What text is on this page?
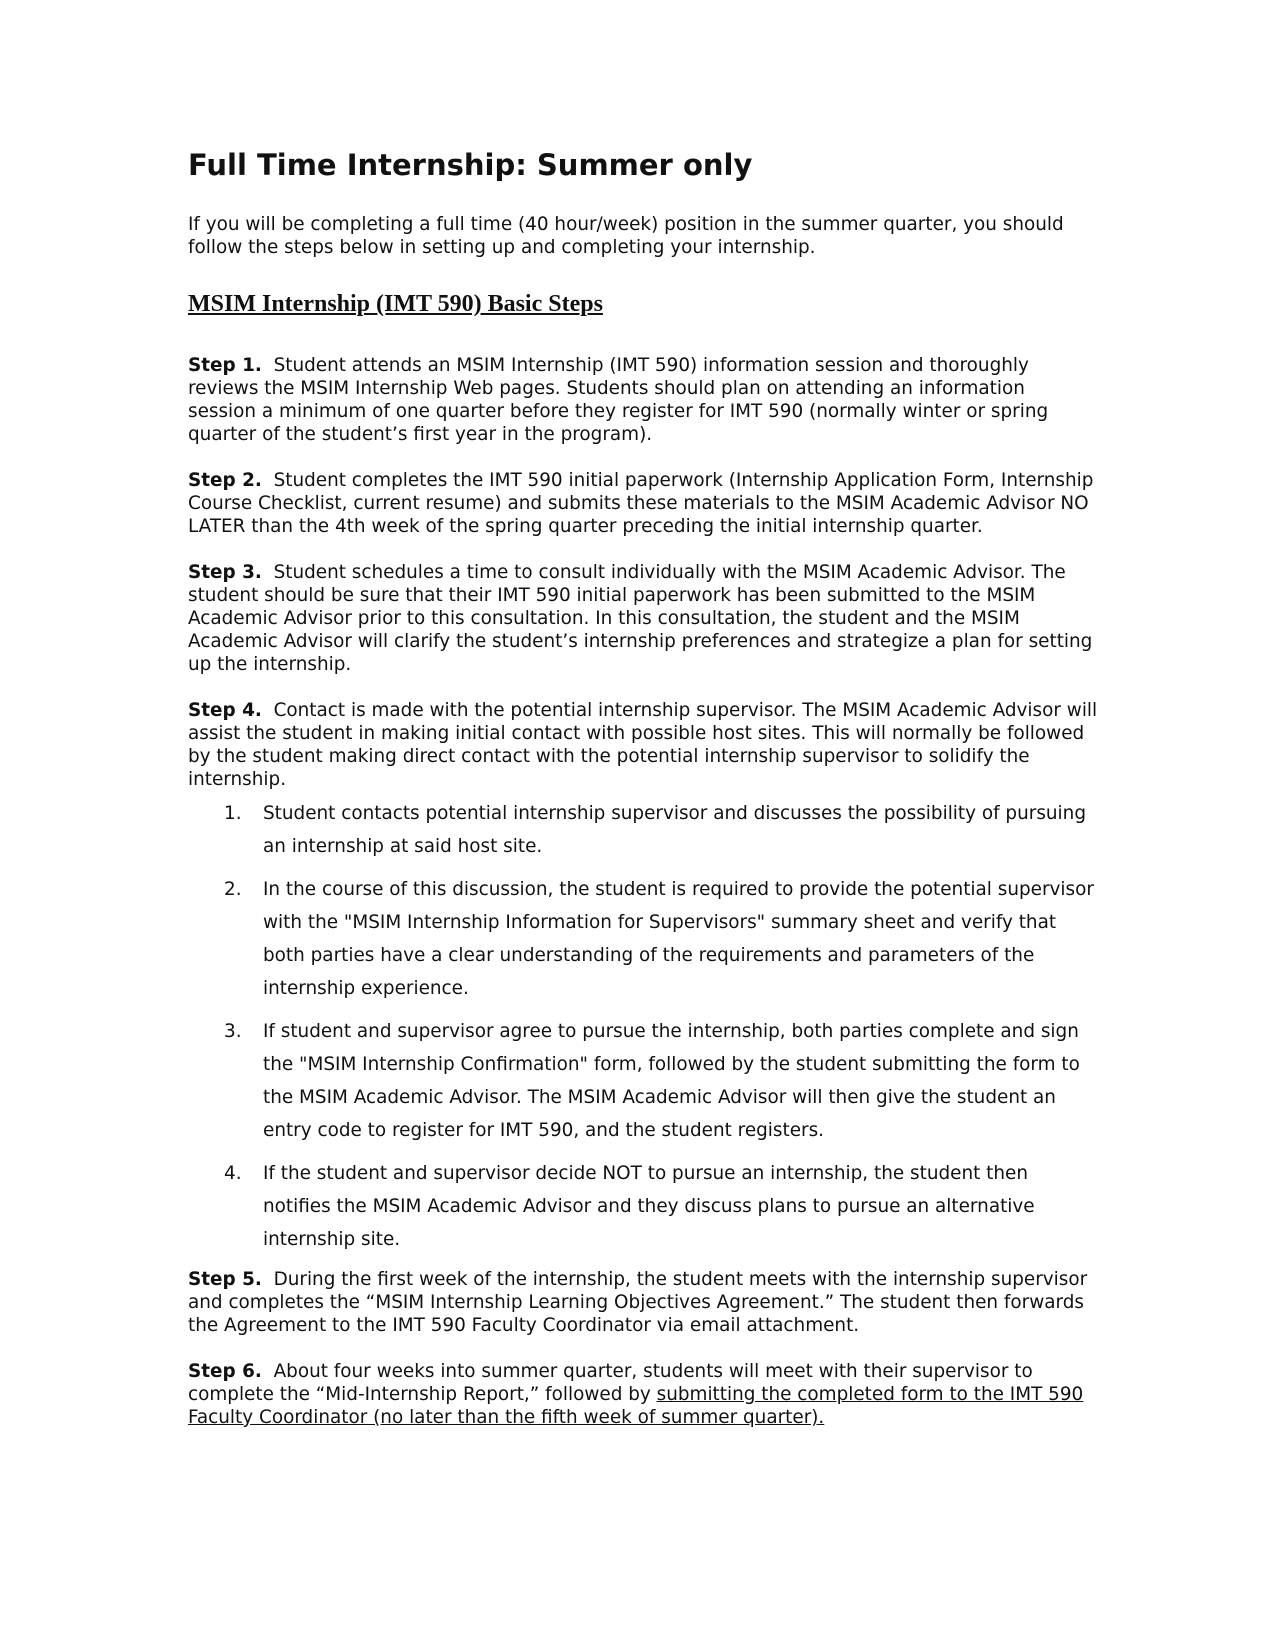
Full Time Internship: Summer only

If you will be completing a full time (40 hour/week) position in the summer quarter, you should follow the steps below in setting up and completing your internship.

MSIM Internship (IMT 590) Basic Steps

Step 1. Student attends an MSIM Internship (IMT 590) information session and thoroughly reviews the MSIM Internship Web pages. Students should plan on attending an information session a minimum of one quarter before they register for IMT 590 (normally winter or spring quarter of the student’s first year in the program).

Step 2. Student completes the IMT 590 initial paperwork (Internship Application Form, Internship Course Checklist, current resume) and submits these materials to the MSIM Academic Advisor NO LATER than the 4th week of the spring quarter preceding the initial internship quarter.

Step 3. Student schedules a time to consult individually with the MSIM Academic Advisor. The student should be sure that their IMT 590 initial paperwork has been submitted to the MSIM Academic Advisor prior to this consultation. In this consultation, the student and the MSIM Academic Advisor will clarify the student’s internship preferences and strategize a plan for setting up the internship.

Step 4. Contact is made with the potential internship supervisor. The MSIM Academic Advisor will assist the student in making initial contact with possible host sites. This will normally be followed by the student making direct contact with the potential internship supervisor to solidify the internship.

1. Student contacts potential internship supervisor and discusses the possibility of pursuing an internship at said host site.
2. In the course of this discussion, the student is required to provide the potential supervisor with the "MSIM Internship Information for Supervisors" summary sheet and verify that both parties have a clear understanding of the requirements and parameters of the internship experience.
3. If student and supervisor agree to pursue the internship, both parties complete and sign the "MSIM Internship Confirmation" form, followed by the student submitting the form to the MSIM Academic Advisor. The MSIM Academic Advisor will then give the student an entry code to register for IMT 590, and the student registers.
4. If the student and supervisor decide NOT to pursue an internship, the student then notifies the MSIM Academic Advisor and they discuss plans to pursue an alternative internship site.

Step 5. During the first week of the internship, the student meets with the internship supervisor and completes the “MSIM Internship Learning Objectives Agreement.” The student then forwards the Agreement to the IMT 590 Faculty Coordinator via email attachment.

Step 6. About four weeks into summer quarter, students will meet with their supervisor to complete the “Mid-Internship Report,” followed by submitting the completed form to the IMT 590 Faculty Coordinator (no later than the fifth week of summer quarter).
